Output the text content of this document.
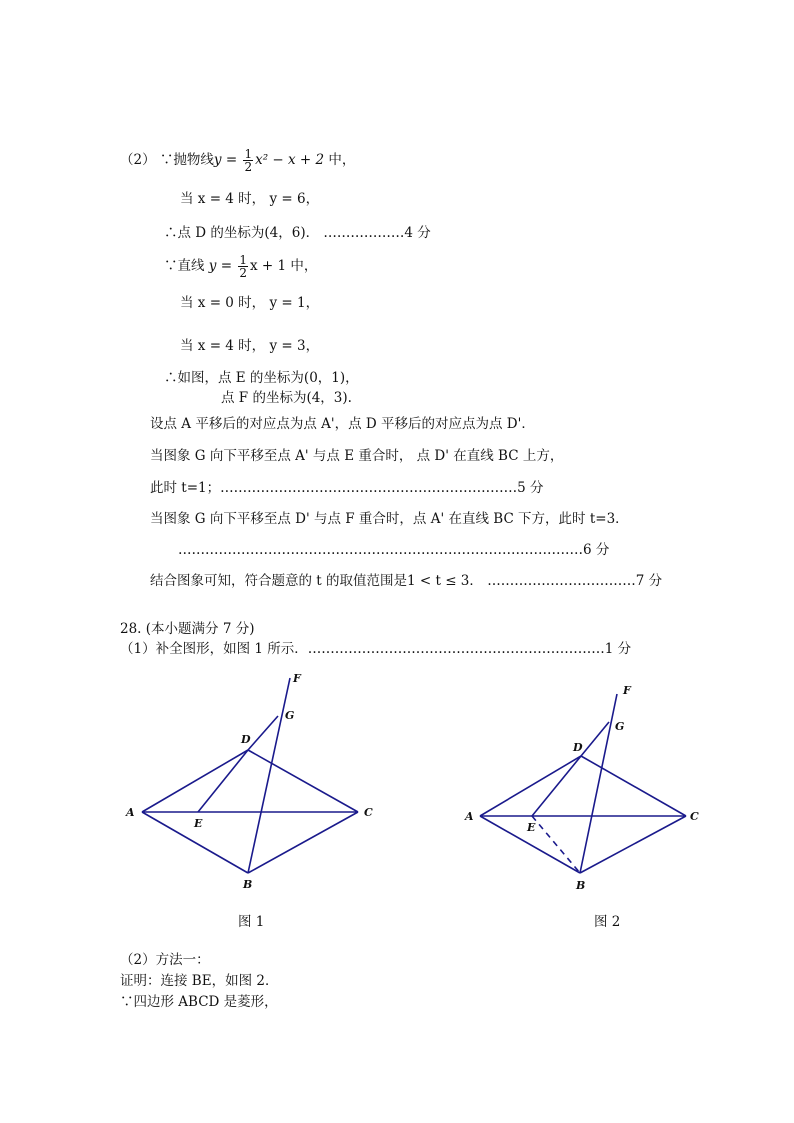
（2） ∵抛物线$y = \frac{1}{2} x^2 - x + 2$ 中，
当 x = 4 时， y = 6，
∴点 D 的坐标为(4，6)． ………………4 分
∵直线 $y = \frac{1}{2}$ x + 1 中，
当 x = 0 时， y = 1，
当 x = 4 时， y = 3，
∴如图，点 E 的坐标为(0，1)，
点 F 的坐标为(4，3).
设点 A 平移后的对应点为点 A'，点 D 平移后的对应点为点 D'．
当图象 G 向下平移至点 A' 与点 E 重合时， 点 D' 在直线 BC 上方，
此时 t=1；…………………………………………………………5 分
当图象 G 向下平移至点 D' 与点 F 重合时，点 A' 在直线 BC 下方，此时 t=3．
………………………………………………………………………………6 分
结合图象可知，符合题意的 t 的取值范围是1 < t ≤ 3． ……………………………7 分
28. (本小题满分 7 分)
（1）补全图形，如图 1 所示．…………………………………………………………1 分
A	C
D
E
B
F
G
图 1
A	C
D
E
B
F
G
图 2
（2）方法一：
证明：连接 BE，如图 2．
∵四边形 ABCD 是菱形，
